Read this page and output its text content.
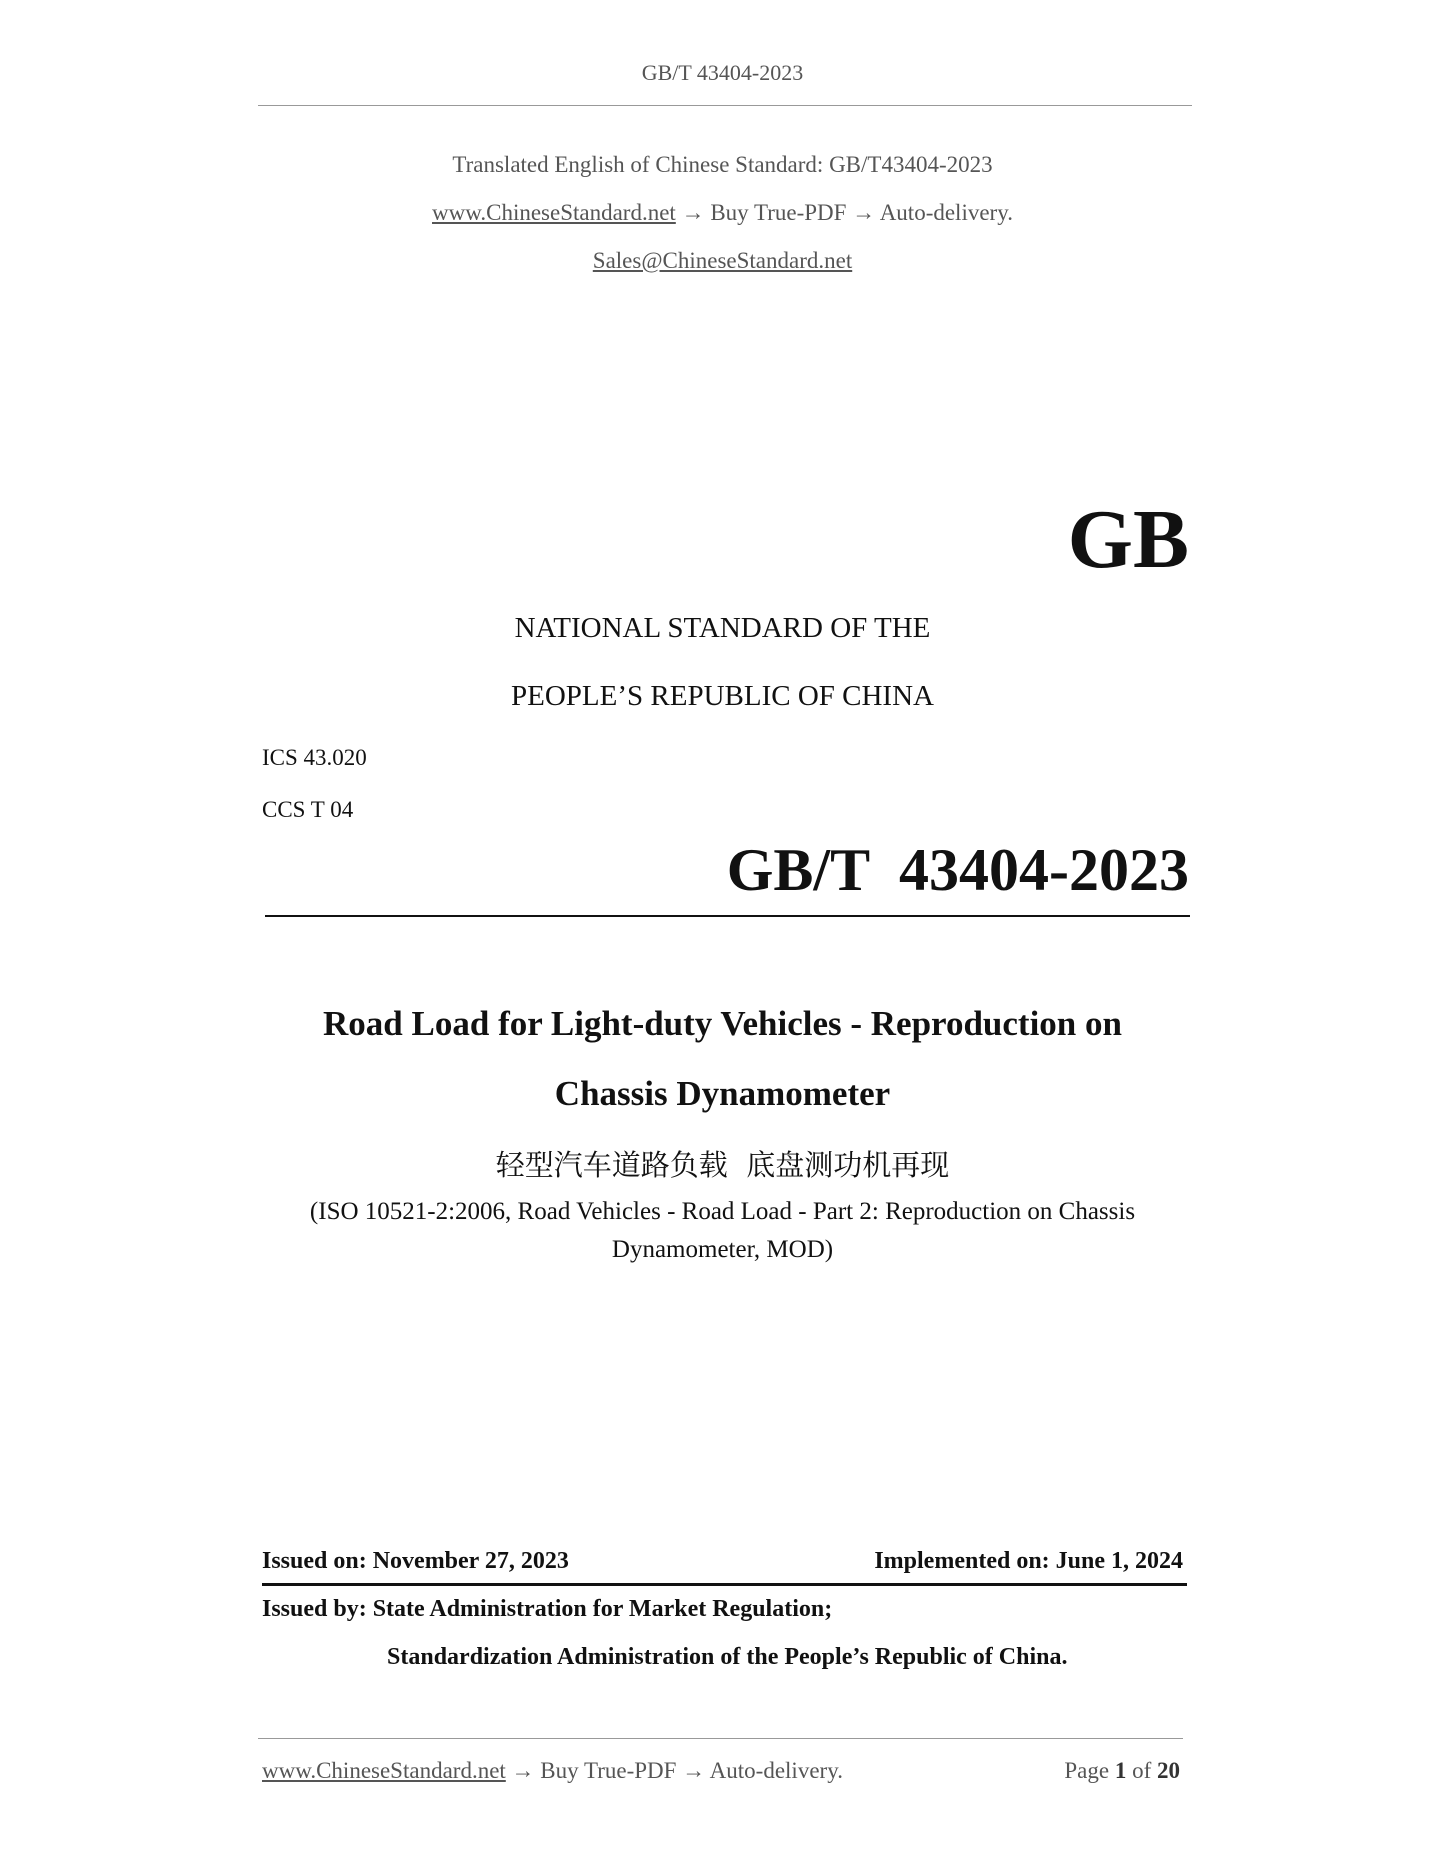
GB/T 43404-2023
Translated English of Chinese Standard: GB/T43404-2023
www.ChineseStandard.net → Buy True-PDF → Auto-delivery.
Sales@ChineseStandard.net
GB
NATIONAL STANDARD OF THE
PEOPLE’S REPUBLIC OF CHINA
ICS 43.020
CCS T 04
GB/T  43404-2023
Road Load for Light-duty Vehicles - Reproduction on
Chassis Dynamometer
轻型汽车道路负载  底盘测功机再现
(ISO 10521-2:2006, Road Vehicles - Road Load - Part 2: Reproduction on Chassis
Dynamometer, MOD)
Issued on: November 27, 2023	Implemented on: June 1, 2024
Issued by: State Administration for Market Regulation;
Standardization Administration of the People’s Republic of China.
www.ChineseStandard.net → Buy True-PDF → Auto-delivery.	Page 1 of 20
